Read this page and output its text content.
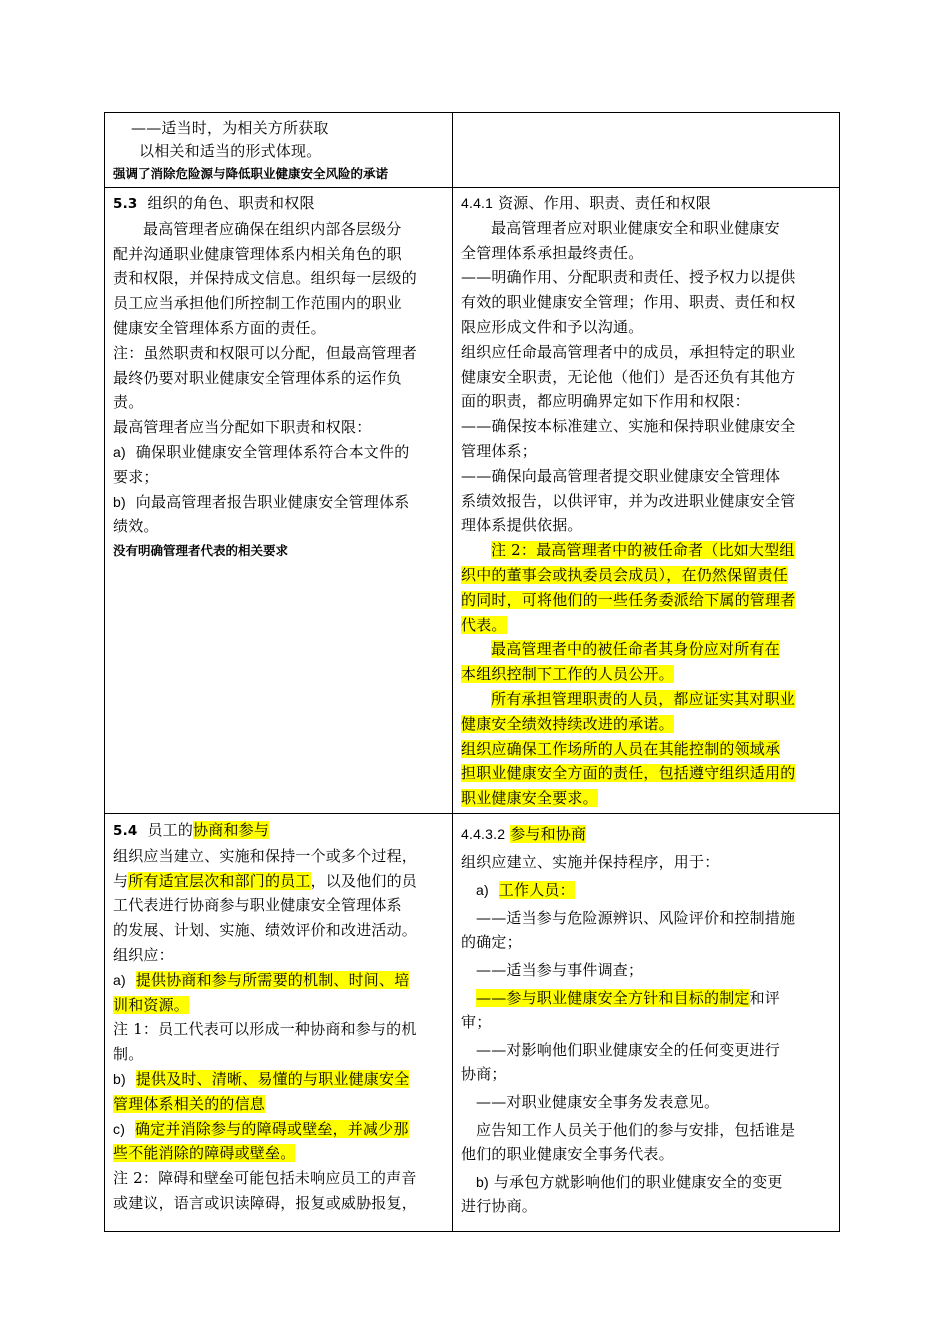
——适当时，为相关方所获取

以相关和适当的形式体现。

强调了消除危险源与降低职业健康安全风险的承诺

5.3 组织的角色、职责和权限

最高管理者应确保在组织内部各层级分

配并沟通职业健康管理体系内相关角色的职

责和权限，并保持成文信息。组织每一层级的

员工应当承担他们所控制工作范围内的职业

健康安全管理体系方面的责任。

注：虽然职责和权限可以分配，但最高管理者

最终仍要对职业健康安全管理体系的运作负

责。

最高管理者应当分配如下职责和权限：

a) 确保职业健康安全管理体系符合本文件的

要求；

b) 向最高管理者报告职业健康安全管理体系

绩效。

没有明确管理者代表的相关要求

4.4.1 资源、作用、职责、责任和权限

最高管理者应对职业健康安全和职业健康安

全管理体系承担最终责任。

——明确作用、分配职责和责任、授予权力以提供

有效的职业健康安全管理；作用、职责、责任和权

限应形成文件和予以沟通。

组织应任命最高管理者中的成员，承担特定的职业

健康安全职责，无论他（他们）是否还负有其他方

面的职责，都应明确界定如下作用和权限：

——确保按本标准建立、实施和保持职业健康安全

管理体系；

——确保向最高管理者提交职业健康安全管理体

系绩效报告，以供评审，并为改进职业健康安全管

理体系提供依据。

注 2：最高管理者中的被任命者（比如大型组

织中的董事会或执委员会成员），在仍然保留责任

的同时，可将他们的一些任务委派给下属的管理者

代表。

最高管理者中的被任命者其身份应对所有在

本组织控制下工作的人员公开。

所有承担管理职责的人员，都应证实其对职业

健康安全绩效持续改进的承诺。

组织应确保工作场所的人员在其能控制的领域承

担职业健康安全方面的责任，包括遵守组织适用的

职业健康安全要求。

5.4 员工的协商和参与

组织应当建立、实施和保持一个或多个过程，

与所有适宜层次和部门的员工，以及他们的员

工代表进行协商参与职业健康安全管理体系

的发展、计划、实施、绩效评价和改进活动。

组织应：

a) 提供协商和参与所需要的机制、时间、培

训和资源。

注 1：员工代表可以形成一种协商和参与的机

制。

b) 提供及时、清晰、易懂的与职业健康安全

管理体系相关的的信息

c) 确定并消除参与的障碍或壁垒，并减少那

些不能消除的障碍或壁垒。

注 2：障碍和壁垒可能包括未响应员工的声音

或建议，语言或识读障碍，报复或威胁报复，

4.4.3.2 参与和协商

组织应建立、实施并保持程序，用于：

a) 工作人员：

——适当参与危险源辨识、风险评价和控制措施

的确定；

——适当参与事件调查；

——参与职业健康安全方针和目标的制定和评

审；

——对影响他们职业健康安全的任何变更进行

协商；

——对职业健康安全事务发表意见。

应告知工作人员关于他们的参与安排，包括谁是

他们的职业健康安全事务代表。

b) 与承包方就影响他们的职业健康安全的变更

进行协商。
